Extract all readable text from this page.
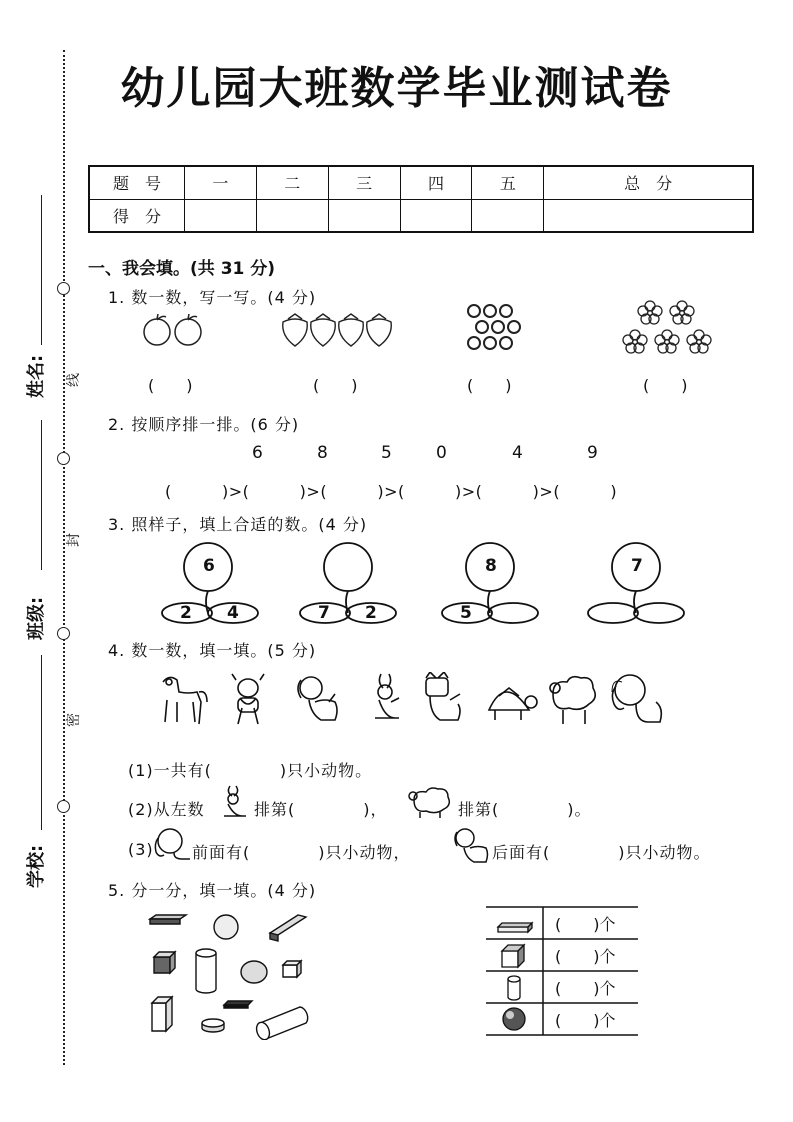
幼儿园大班数学毕业测试卷
线
封
密
姓名:
班级:
学校:
题　号	一	二	三	四	五	总　分
得　分						
一、我会填。(共 31 分)
1. 数一数，写一写。(4 分)
(　　)	(　　)	(　　)	(　　)
2. 按顺序排一排。(6 分)
6	8	5	0	4	9
(         )>(         )>(         )>(         )>(         )>(         )
3. 照样子，填上合适的数。(4 分)
6
2 4	7 2
8
5
7
4. 数一数，填一填。(5 分)
(1)一共有(　　　　)只小动物。
(2)从左数	排第(　　　　)，	排第(　　　　)。
(3) 前面有(　　　　)只小动物，	后面有(　　　　)只小动物。
5. 分一分，填一填。(4 分)
(　　)个
(　　)个
(　　)个
(　　)个
